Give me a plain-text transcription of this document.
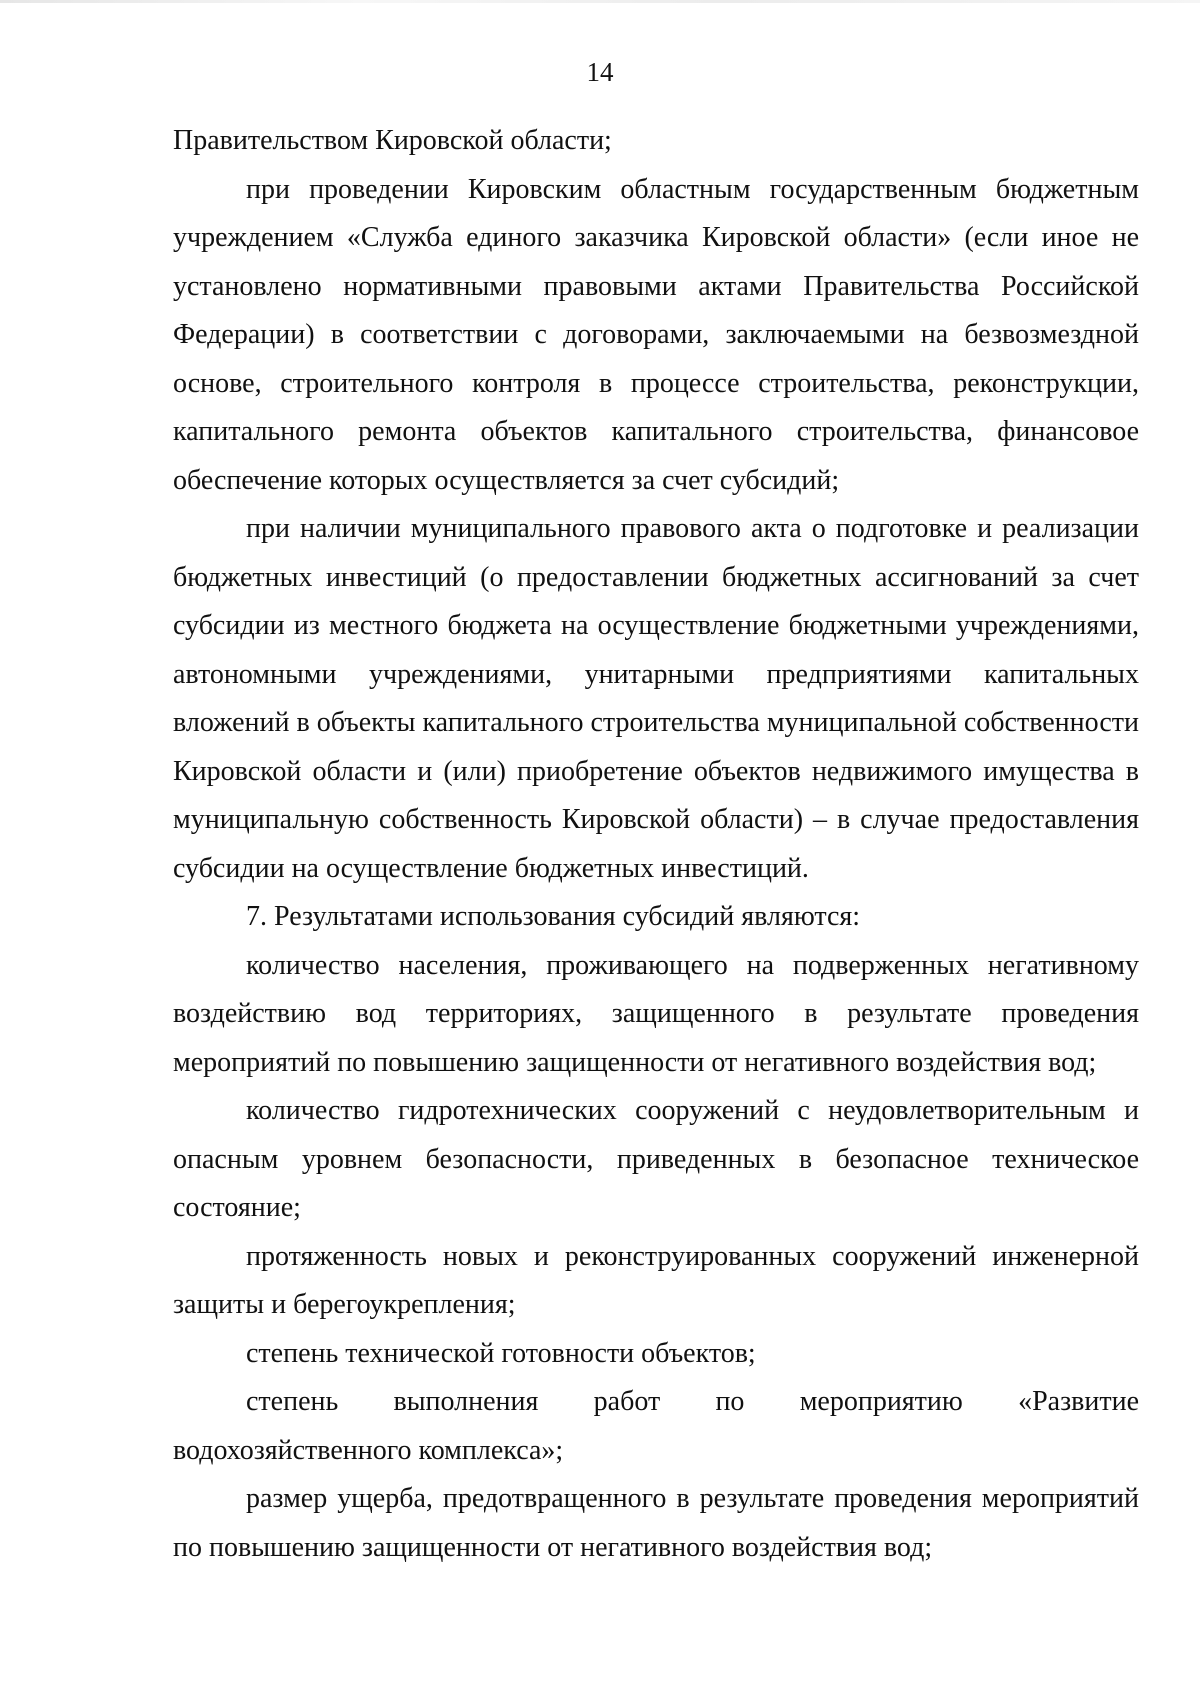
14

Правительством Кировской области;

при проведении Кировским областным государственным бюджетным учреждением «Служба единого заказчика Кировской области» (если иное не установлено нормативными правовыми актами Правительства Российской Федерации) в соответствии с договорами, заключаемыми на безвозмездной основе, строительного контроля в процессе строительства, реконструкции, капитального ремонта объектов капитального строительства, финансовое обеспечение которых осуществляется за счет субсидий;

при наличии муниципального правового акта о подготовке и реализации бюджетных инвестиций (о предоставлении бюджетных ассигнований за счет субсидии из местного бюджета на осуществление бюджетными учреждениями, автономными учреждениями, унитарными предприятиями капитальных вложений в объекты капитального строительства муниципальной собственности Кировской области и (или) приобретение объектов недвижимого имущества в муниципальную собственность Кировской области) – в случае предоставления субсидии на осуществление бюджетных инвестиций.

7. Результатами использования субсидий являются:

количество населения, проживающего на подверженных негативному воздействию вод территориях, защищенного в результате проведения мероприятий по повышению защищенности от негативного воздействия вод;

количество гидротехнических сооружений с неудовлетворительным и опасным уровнем безопасности, приведенных в безопасное техническое состояние;

протяженность новых и реконструированных сооружений инженерной защиты и берегоукрепления;

степень технической готовности объектов;

степень выполнения работ по мероприятию «Развитие водохозяйственного комплекса»;

размер ущерба, предотвращенного в результате проведения мероприятий по повышению защищенности от негативного воздействия вод;
